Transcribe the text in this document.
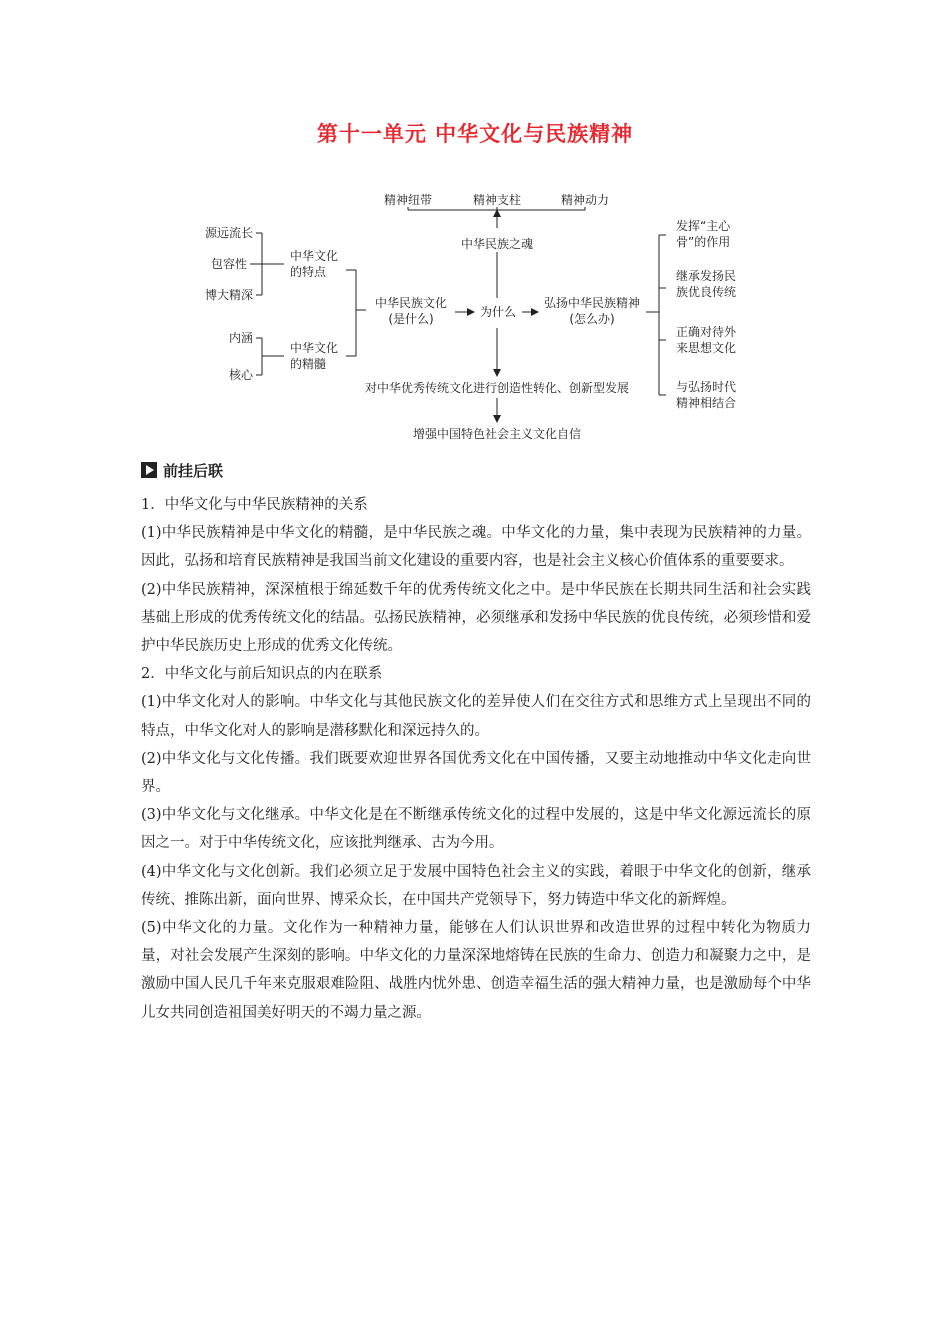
第十一单元 中华文化与民族精神
精神纽带	精神支柱	精神动力
中华民族之魂
源远流长
包容性
博大精深
中华文化
的特点
内涵
核心
中华文化
的精髓
中华民族文化
(是什么)	为什么
弘扬中华民族精神
(怎么办)
发挥“主心
骨”的作用
继承发扬民
族优良传统
正确对待外
来思想文化
与弘扬时代
精神相结合
对中华优秀传统文化进行创造性转化、创新型发展
增强中国特色社会主义文化自信
前挂后联

1．中华文化与中华民族精神的关系

(1)中华民族精神是中华文化的精髓，是中华民族之魂。中华文化的力量，集中表现为民族精神的力量。因此，弘扬和培育民族精神是我国当前文化建设的重要内容，也是社会主义核心价值体系的重要要求。

(2)中华民族精神，深深植根于绵延数千年的优秀传统文化之中。是中华民族在长期共同生活和社会实践基础上形成的优秀传统文化的结晶。弘扬民族精神，必须继承和发扬中华民族的优良传统，必须珍惜和爱护中华民族历史上形成的优秀文化传统。

2．中华文化与前后知识点的内在联系

(1)中华文化对人的影响。中华文化与其他民族文化的差异使人们在交往方式和思维方式上呈现出不同的特点，中华文化对人的影响是潜移默化和深远持久的。

(2)中华文化与文化传播。我们既要欢迎世界各国优秀文化在中国传播，又要主动地推动中华文化走向世界。

(3)中华文化与文化继承。中华文化是在不断继承传统文化的过程中发展的，这是中华文化源远流长的原因之一。对于中华传统文化，应该批判继承、古为今用。

(4)中华文化与文化创新。我们必须立足于发展中国特色社会主义的实践，着眼于中华文化的创新，继承传统、推陈出新，面向世界、博采众长，在中国共产党领导下，努力铸造中华文化的新辉煌。

(5)中华文化的力量。文化作为一种精神力量，能够在人们认识世界和改造世界的过程中转化为物质力量，对社会发展产生深刻的影响。中华文化的力量深深地熔铸在民族的生命力、创造力和凝聚力之中，是激励中国人民几千年来克服艰难险阻、战胜内忧外患、创造幸福生活的强大精神力量，也是激励每个中华儿女共同创造祖国美好明天的不竭力量之源。
